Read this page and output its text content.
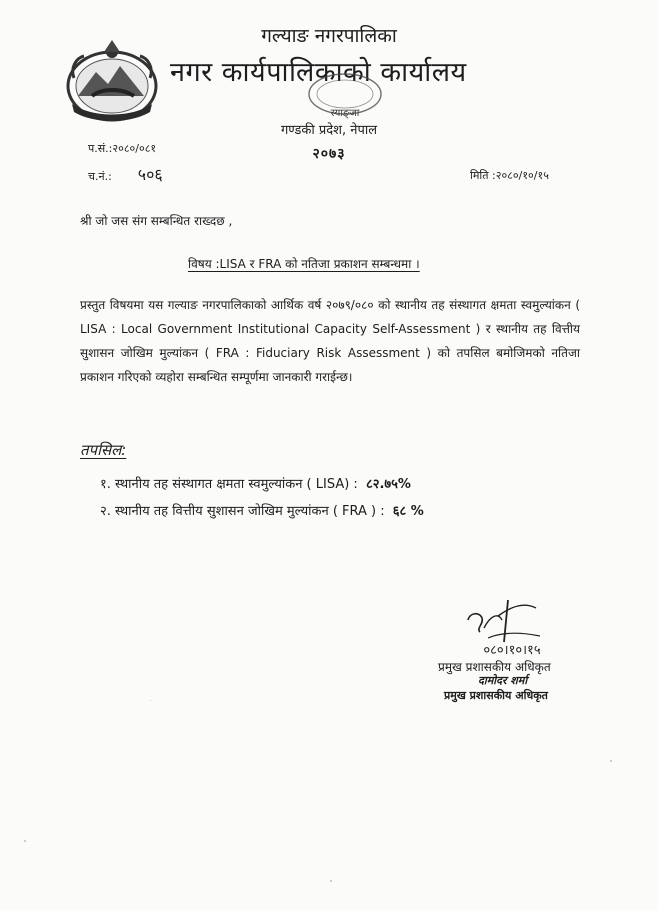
गल्याङ नगरपालिका
नगर कार्यपालिकाको कार्यालय
स्याङ्जा
गण्डकी प्रदेश, नेपाल
२०७३
प.सं.:२०८०/०८१
च.नं.: ५०६	मिति :२०८०/१०/१५
श्री जो जस संग सम्बन्धित राख्दछ ,
विषय :LISA र FRA को नतिजा प्रकाशन सम्बन्धमा ।
प्रस्तुत विषयमा यस गल्याङ नगरपालिकाको आर्थिक वर्ष २०७९/०८० को स्थानीय तह संस्थागत क्षमता स्वमुल्यांकन ( LISA : Local Government Institutional Capacity Self-Assessment ) र स्थानीय तह वित्तीय सुशासन जोखिम मुल्यांकन ( FRA : Fiduciary Risk Assessment ) को तपसिल बमोजिमको नतिजा प्रकाशन गरिएको व्यहोरा सम्बन्धित सम्पूर्णमा जानकारी गराईन्छ।
तपसिल:
१. स्थानीय तह संस्थागत क्षमता स्वमुल्यांकन ( LISA) : ८२.७५%
२. स्थानीय तह वित्तीय सुशासन जोखिम मुल्यांकन ( FRA ) : ६८ %
०८०।१०।१५
प्रमुख प्रशासकीय अधिकृत
दामोदर शर्मा
प्रमुख प्रशासकीय अधिकृत
